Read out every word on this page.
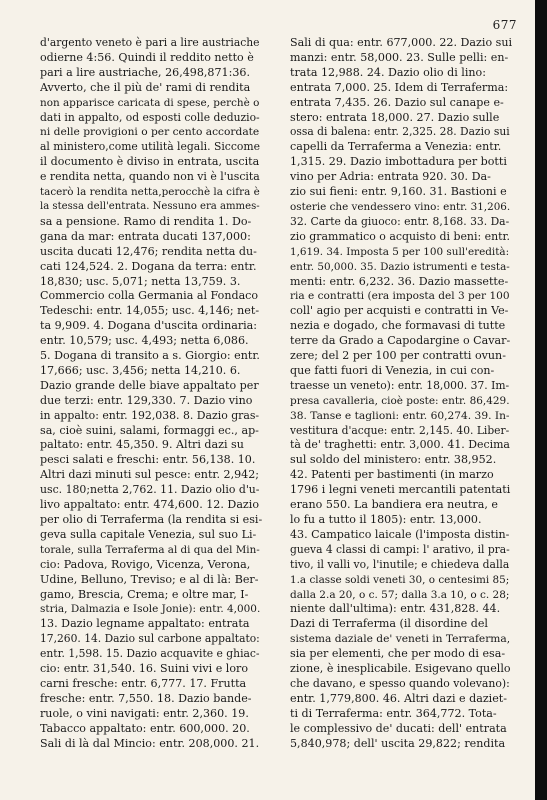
677
d'argento veneto è pari a lire austriache
odierne 4:56. Quindi il reddito netto è
pari a lire austriache, 26,498,871:36.
Avverto, che il più de' rami di rendita
non apparisce caricata di spese, perchè o
dati in appalto, od esposti colle deduzio-
ni delle provigioni o per cento accordate
al ministero,come utilità legali. Siccome
il documento è diviso in entrata, uscita
e rendita netta, quando non vi è l'uscita
tacerò la rendita netta,perocchè la cifra è
la stessa dell'entrata. Nessuno era ammes-
sa a pensione. Ramo di rendita 1. Do-
gana da mar: entrata ducati 137,000:
uscita ducati 12,476; rendita netta du-
cati 124,524. 2. Dogana da terra: entr.
18,830; usc. 5,071; netta 13,759. 3.
Commercio colla Germania al Fondaco
Tedeschi: entr. 14,055; usc. 4,146; net-
ta 9,909. 4. Dogana d'uscita ordinaria:
entr. 10,579; usc. 4,493; netta 6,086.
5. Dogana di transito a s. Giorgio: entr.
17,666; usc. 3,456; netta 14,210. 6.
Dazio grande delle biave appaltato per
due terzi: entr. 129,330. 7. Dazio vino
in appalto: entr. 192,038. 8. Dazio gras-
sa, cioè suini, salami, formaggi ec., ap-
paltato: entr. 45,350. 9. Altri dazi su
pesci salati e freschi: entr. 56,138. 10.
Altri dazi minuti sul pesce: entr. 2,942;
usc. 180;netta 2,762. 11. Dazio olio d'u-
livo appaltato: entr. 474,600. 12. Dazio
per olio di Terraferma (la rendita si esi-
geva sulla capitale Venezia, sul suo Li-
torale, sulla Terraferma al di qua del Min-
cio: Padova, Rovigo, Vicenza, Verona,
Udine, Belluno, Treviso; e al di là: Ber-
gamo, Brescia, Crema; e oltre mar, I-
stria, Dalmazia e Isole Jonie): entr. 4,000.
13. Dazio legname appaltato: entrata
17,260. 14. Dazio sul carbone appaltato:
entr. 1,598. 15. Dazio acquavite e ghiac-
cio: entr. 31,540. 16. Suini vivi e loro
carni fresche: entr. 6,777. 17. Frutta
fresche: entr. 7,550. 18. Dazio bande-
ruole, o vini navigati: entr. 2,360. 19.
Tabacco appaltato: entr. 600,000. 20.
Sali di là dal Mincio: entr. 208,000. 21.
Sali di qua: entr. 677,000. 22. Dazio sui
manzi: entr. 58,000. 23. Sulle pelli: en-
trata 12,988. 24. Dazio olio di lino:
entrata 7,000. 25. Idem di Terraferma:
entrata 7,435. 26. Dazio sul canape e-
stero: entrata 18,000. 27. Dazio sulle
ossa di balena: entr. 2,325. 28. Dazio sui
capelli da Terraferma a Venezia: entr.
1,315. 29. Dazio imbottadura per botti
vino per Adria: entrata 920. 30. Da-
zio sui fieni: entr. 9,160. 31. Bastioni e
osterie che vendessero vino: entr. 31,206.
32. Carte da giuoco: entr. 8,168. 33. Da-
zio grammatico o acquisto di beni: entr.
1,619. 34. Imposta 5 per 100 sull'eredità:
entr. 50,000. 35. Dazio istrumenti e testa-
menti: entr. 6,232. 36. Dazio massette-
ria e contratti (era imposta del 3 per 100
coll' agio per acquisti e contratti in Ve-
nezia e dogado, che formavasi di tutte
terre da Grado a Capodargine o Cavar-
zere; del 2 per 100 per contratti ovun-
que fatti fuori di Venezia, in cui con-
traesse un veneto): entr. 18,000. 37. Im-
presa cavalleria, cioè poste: entr. 86,429.
38. Tanse e taglioni: entr. 60,274. 39. In-
vestitura d'acque: entr. 2,145. 40. Liber-
tà de' traghetti: entr. 3,000. 41. Decima
sul soldo del ministero: entr. 38,952.
42. Patenti per bastimenti (in marzo
1796 i legni veneti mercantili patentati
erano 550. La bandiera era neutra, e
lo fu a tutto il 1805): entr. 13,000.
43. Campatico laicale (l'imposta distin-
gueva 4 classi di campi: l' arativo, il pra-
tivo, il valli vo, l'inutile; e chiedeva dalla
1.a classe soldi veneti 30, o centesimi 85;
dalla 2.a 20, o c. 57; dalla 3.a 10, o c. 28;
niente dall'ultima): entr. 431,828. 44.
Dazi di Terraferma (il disordine del
sistema daziale de' veneti in Terraferma,
sia per elementi, che per modo di esa-
zione, è inesplicabile. Esigevano quello
che davano, e spesso quando volevano):
entr. 1,779,800. 46. Altri dazi e daziet-
ti di Terraferma: entr. 364,772. Tota-
le complessivo de' ducati: dell' entrata
5,840,978; dell' uscita 29,822; rendita
